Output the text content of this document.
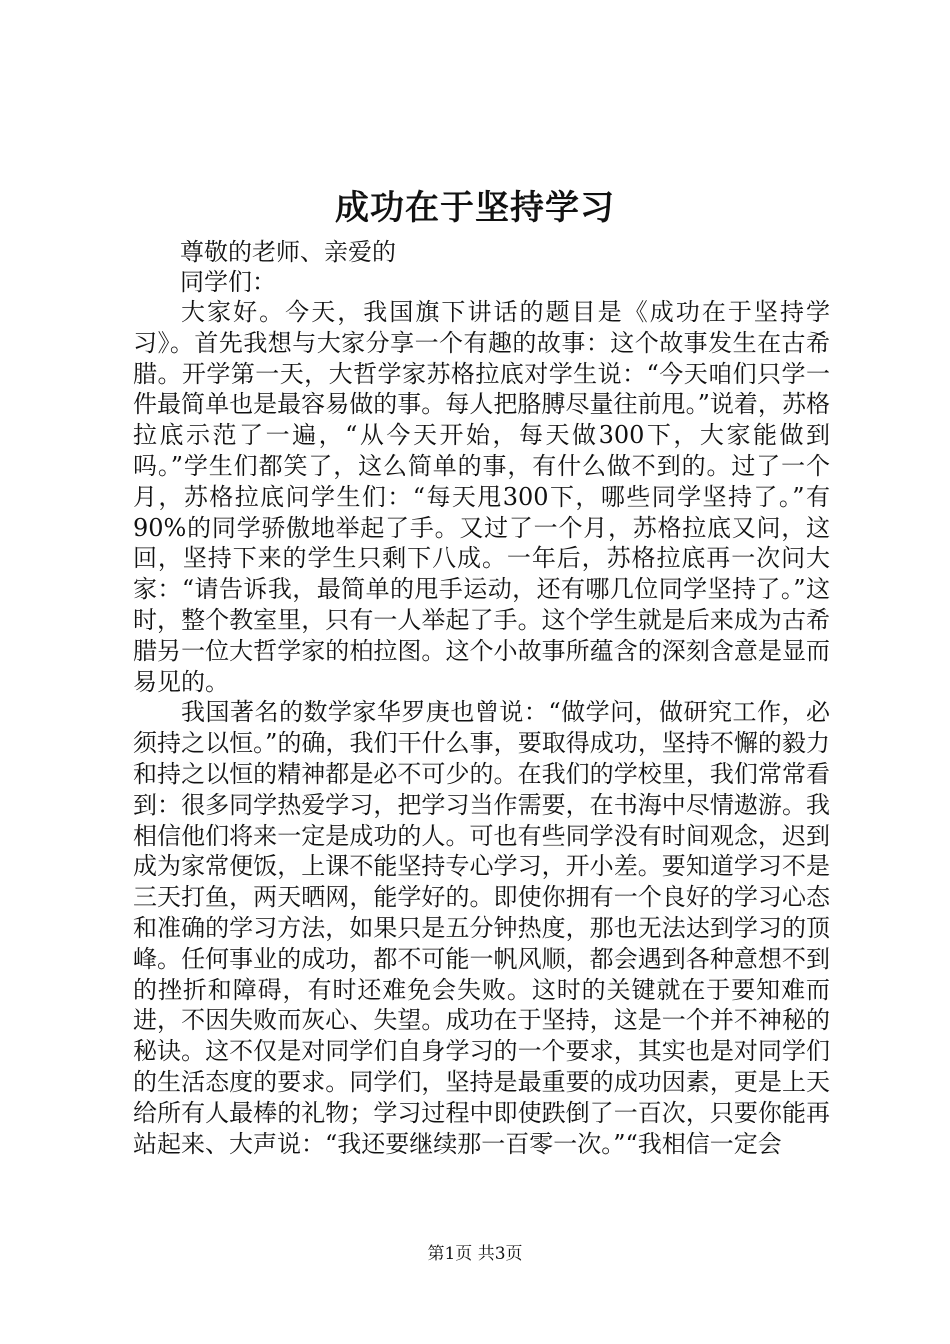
成功在于坚持学习
尊敬的老师、亲爱的
同学们：

大家好。今天，我国旗下讲话的题目是《成功在于坚持学习》。首先我想与大家分享一个有趣的故事：这个故事发生在古希腊。开学第一天，大哲学家苏格拉底对学生说：“今天咱们只学一件最简单也是最容易做的事。每人把胳膊尽量往前甩。”说着，苏格拉底示范了一遍，“从今天开始，每天做300下，大家能做到吗。”学生们都笑了，这么简单的事，有什么做不到的。过了一个月，苏格拉底问学生们：“每天甩300下，哪些同学坚持了。”有90%的同学骄傲地举起了手。又过了一个月，苏格拉底又问，这回，坚持下来的学生只剩下八成。一年后，苏格拉底再一次问大家：“请告诉我，最简单的甩手运动，还有哪几位同学坚持了。”这时，整个教室里，只有一人举起了手。这个学生就是后来成为古希腊另一位大哲学家的柏拉图。这个小故事所蕴含的深刻含意是显而易见的。

我国著名的数学家华罗庚也曾说：“做学问，做研究工作，必须持之以恒。”的确，我们干什么事，要取得成功，坚持不懈的毅力和持之以恒的精神都是必不可少的。在我们的学校里，我们常常看到：很多同学热爱学习，把学习当作需要，在书海中尽情遨游。我相信他们将来一定是成功的人。可也有些同学没有时间观念，迟到成为家常便饭，上课不能坚持专心学习，开小差。要知道学习不是三天打鱼，两天晒网，能学好的。即使你拥有一个良好的学习心态和准确的学习方法，如果只是五分钟热度，那也无法达到学习的顶峰。任何事业的成功，都不可能一帆风顺，都会遇到各种意想不到的挫折和障碍，有时还难免会失败。这时的关键就在于要知难而进，不因失败而灰心、失望。成功在于坚持，这是一个并不神秘的秘诀。这不仅是对同学们自身学习的一个要求，其实也是对同学们的生活态度的要求。同学们，坚持是最重要的成功因素，更是上天给所有人最棒的礼物；学习过程中即使跌倒了一百次，只要你能再站起来、大声说：“我还要继续那一百零一次。”“我相信一定会

第1页 共3页
